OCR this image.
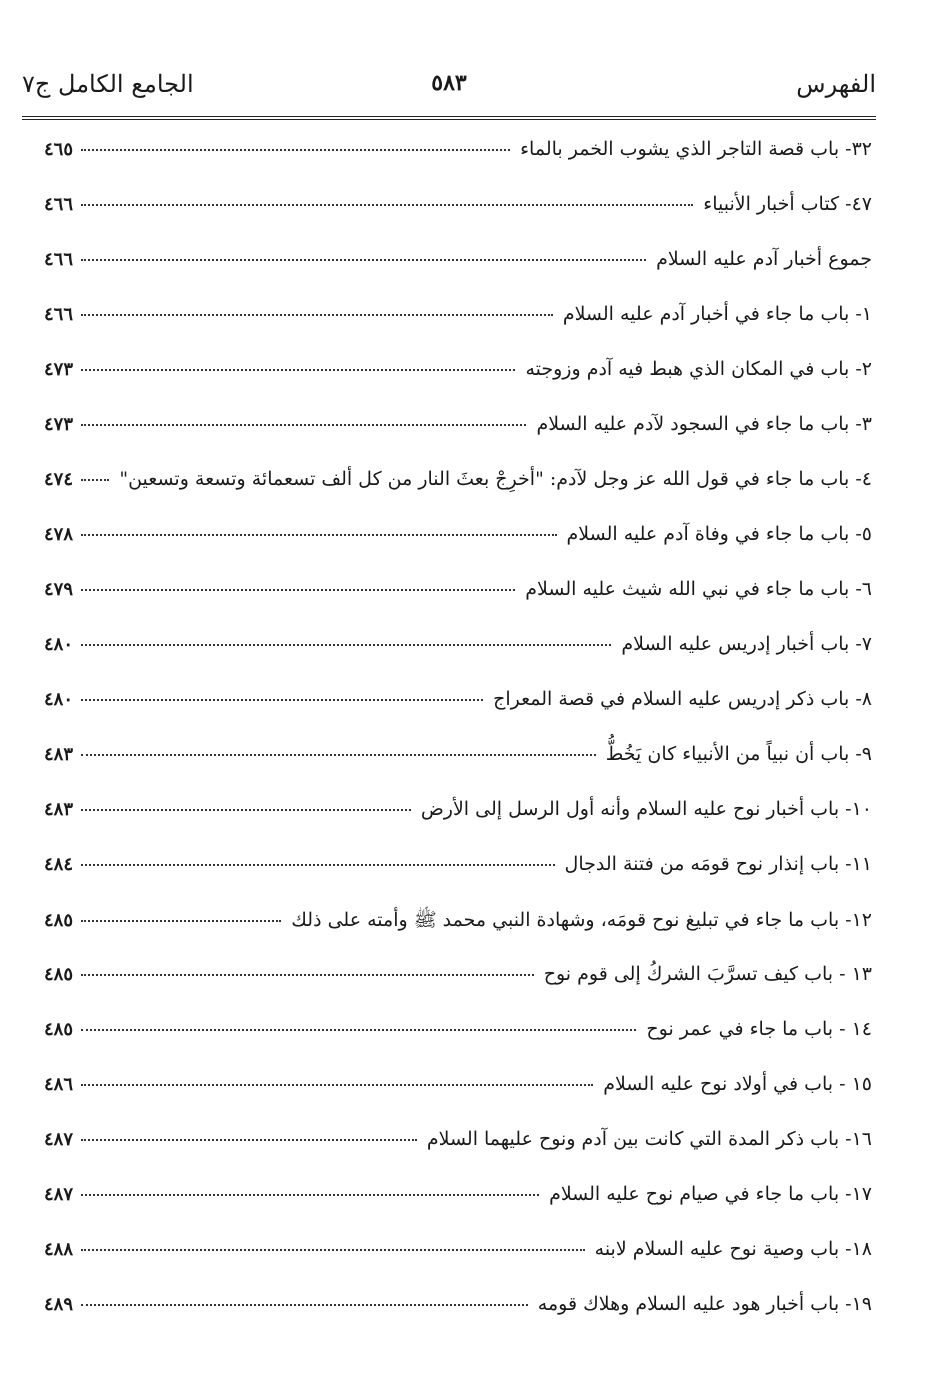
الفهرس
٥٨٣
الجامع الكامل ج٧
٣٢- باب قصة التاجر الذي يشوب الخمر بالماء
٤٦٥
٤٧- كتاب أخبار الأنبياء
٤٦٦
جموع أخبار آدم عليه السلام
٤٦٦
١- باب ما جاء في أخبار آدم عليه السلام
٤٦٦
٢- باب في المكان الذي هبط فيه آدم وزوجته
٤٧٣
٣- باب ما جاء في السجود لآدم عليه السلام
٤٧٣
٤- باب ما جاء في قول الله عز وجل لآدم: "أخرِجْ بعثَ النار من كل ألف تسعمائة وتسعة وتسعين"
٤٧٤
٥- باب ما جاء في وفاة آدم عليه السلام
٤٧٨
٦- باب ما جاء في نبي الله شيث عليه السلام
٤٧٩
٧- باب أخبار إدريس عليه السلام
٤٨٠
٨- باب ذكر إدريس عليه السلام في قصة المعراج
٤٨٠
٩- باب أن نبياً من الأنبياء كان يَخُطُّ
٤٨٣
١٠- باب أخبار نوح عليه السلام وأنه أول الرسل إلى الأرض
٤٨٣
١١- باب إنذار نوح قومَه من فتنة الدجال
٤٨٤
١٢- باب ما جاء في تبليغ نوح قومَه، وشهادة النبي محمد ﷺ وأمته على ذلك
٤٨٥
١٣ - باب كيف تسرَّبَ الشركُ إلى قوم نوح
٤٨٥
١٤ - باب ما جاء في عمر نوح
٤٨٥
١٥ - باب في أولاد نوح عليه السلام
٤٨٦
١٦- باب ذكر المدة التي كانت بين آدم ونوح عليهما السلام
٤٨٧
١٧- باب ما جاء في صيام نوح عليه السلام
٤٨٧
١٨- باب وصية نوح عليه السلام لابنه
٤٨٨
١٩- باب أخبار هود عليه السلام وهلاك قومه
٤٨٩
